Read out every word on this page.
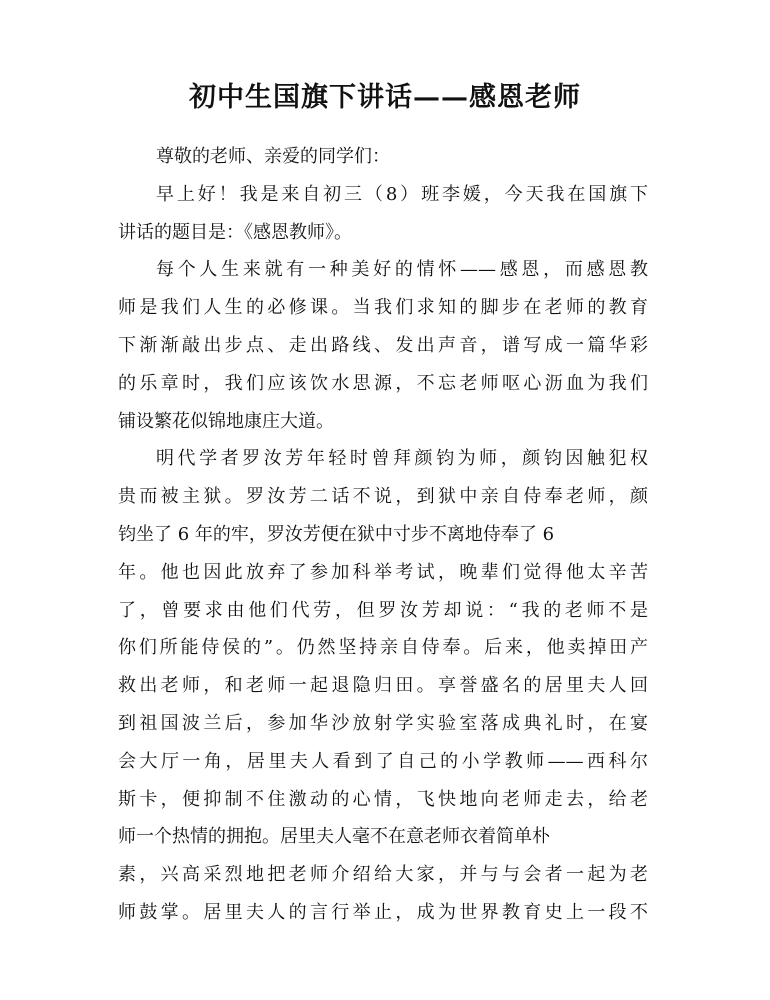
初中生国旗下讲话——感恩老师
尊敬的老师、亲爱的同学们：
早上好！我是来自初三（8）班李媛，今天我在国旗下
讲话的题目是：《感恩教师》。
每个人生来就有一种美好的情怀——感恩，而感恩教
师是我们人生的必修课。当我们求知的脚步在老师的教育
下渐渐敲出步点、走出路线、发出声音，谱写成一篇华彩
的乐章时，我们应该饮水思源，不忘老师呕心沥血为我们
铺设繁花似锦地康庄大道。
明代学者罗汝芳年轻时曾拜颜钧为师，颜钧因触犯权
贵而被主狱。罗汝芳二话不说，到狱中亲自侍奉老师，颜
钧坐了 6 年的牢，罗汝芳便在狱中寸步不离地侍奉了 6
年。他也因此放弃了参加科举考试，晚辈们觉得他太辛苦
了，曾要求由他们代劳，但罗汝芳却说：“我的老师不是
你们所能侍侯的”。仍然坚持亲自侍奉。后来，他卖掉田产
救出老师，和老师一起退隐归田。享誉盛名的居里夫人回
到祖国波兰后，参加华沙放射学实验室落成典礼时，在宴
会大厅一角，居里夫人看到了自己的小学教师——西科尔
斯卡，便抑制不住激动的心情，飞快地向老师走去，给老
师一个热情的拥抱。居里夫人毫不在意老师衣着简单朴
素，兴高采烈地把老师介绍给大家，并与与会者一起为老
师鼓掌。居里夫人的言行举止，成为世界教育史上一段不
